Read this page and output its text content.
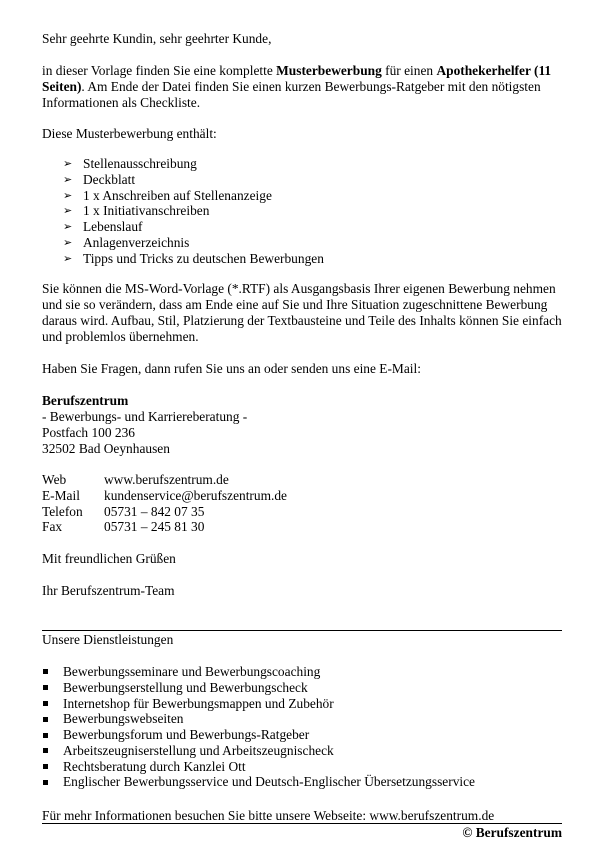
Sehr geehrte Kundin, sehr geehrter Kunde,

in dieser Vorlage finden Sie eine komplette Musterbewerbung für einen Apothekerhelfer (11 Seiten). Am Ende der Datei finden Sie einen kurzen Bewerbungs-Ratgeber mit den nötigsten Informationen als Checkliste.

Diese Musterbewerbung enthält:

➢ Stellenausschreibung
➢ Deckblatt
➢ 1 x Anschreiben auf Stellenanzeige
➢ 1 x Initiativanschreiben
➢ Lebenslauf
➢ Anlagenverzeichnis
➢ Tipps und Tricks zu deutschen Bewerbungen

Sie können die MS-Word-Vorlage (*.RTF) als Ausgangsbasis Ihrer eigenen Bewerbung nehmen und sie so verändern, dass am Ende eine auf Sie und Ihre Situation zugeschnittene Bewerbung daraus wird. Aufbau, Stil, Platzierung der Textbausteine und Teile des Inhalts können Sie einfach und problemlos übernehmen.

Haben Sie Fragen, dann rufen Sie uns an oder senden uns eine E-Mail:

Berufszentrum

- Bewerbungs- und Karriereberatung -

Postfach 100 236

32502 Bad Oeynhausen

Web	www.berufszentrum.de
E-Mail	kundenservice@berufszentrum.de
Telefon	05731 – 842 07 35
Fax	05731 – 245 81 30

Mit freundlichen Grüßen

Ihr Berufszentrum-Team

Unsere Dienstleistungen

Bewerbungsseminare und Bewerbungscoaching
Bewerbungserstellung und Bewerbungscheck
Internetshop für Bewerbungsmappen und Zubehör
Bewerbungswebseiten
Bewerbungsforum und Bewerbungs-Ratgeber
Arbeitszeugniserstellung und Arbeitszeugnischeck
Rechtsberatung durch Kanzlei Ott
Englischer Bewerbungsservice und Deutsch-Englischer Übersetzungsservice

Für mehr Informationen besuchen Sie bitte unsere Webseite: www.berufszentrum.de

© Berufszentrum
